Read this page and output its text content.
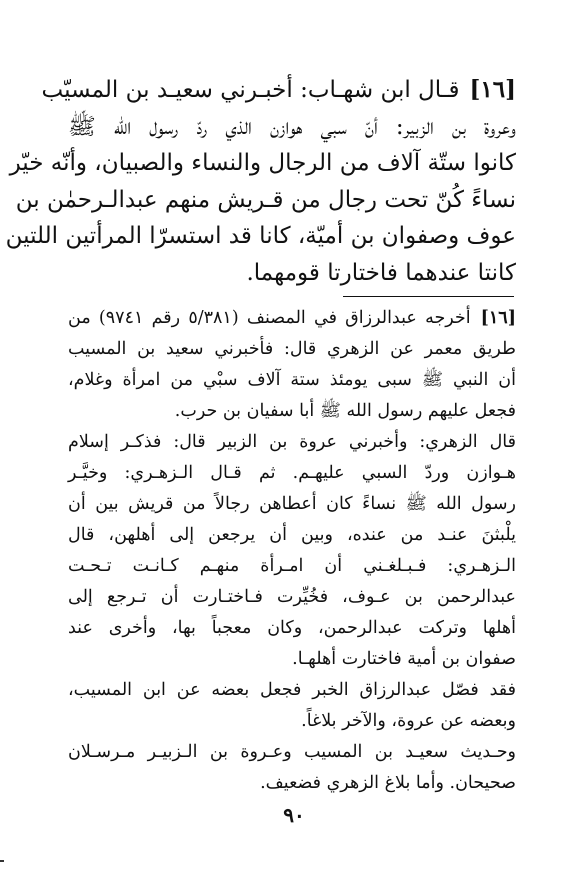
[١٦]قـال ابن شهـاب: أخبـرني سعيـد بن المسيّب
وعروة بن الزبير: أنّ سبي هوازن الذي ردّ رسول الله ﷺ
كانوا ستّة آلاف من الرجال والنساء والصبيان، وأنّه خيّر
نساءً كُنّ تحت رجال من قـريش منهم عبدالـرحمٰن بن
عوف وصفوان بن أميّة، كانا قد استسرّا المرأتين اللتين
كانتا عندهما فاختارتا قومهما.
[١٦]أخرجه عبدالرزاق في المصنف (٥/٣٨١ رقم ٩٧٤١) من
طريق معمر عن الزهري قال: فأخبرني سعيد بن المسيب
أن النبي ﷺ سبى يومئذ ستة آلاف سبْي من امرأة وغلام،
فجعل عليهم رسول الله ﷺ أبا سفيان بن حرب.
قال الزهري: وأخبرني عروة بن الزبير قال: فذكـر إسلام
هـوازن وردّ السبي عليهـم. ثم قـال الـزهـري: وخيَّـر
رسول الله ﷺ نساءً كان أعطاهن رجالاً من قريش بين أن
يلْبثنَ عنـد من عنده، وبين أن يرجعن إلى أهلهن، قال
الـزهـري: فـبـلغـني أن امـرأة منهـم كـانـت تـحـت
عبدالرحمن بن عـوف، فخُيِّرت فـاختـارت أن تـرجع إلى
أهلها وتركت عبدالرحمن، وكان معجباً بها، وأخرى عند
صفوان بن أمية فاختارت أهلهـا.
فقد فصّل عبدالرزاق الخبر فجعل بعضه عن ابن المسيب،
وبعضه عن عروة، والآخر بلاغاً.
وحـديث سعيـد بن المسيب وعـروة بن الـزبيـر مـرسـلان
صحيحان. وأما بلاغ الزهري فضعيف.
٩٠
